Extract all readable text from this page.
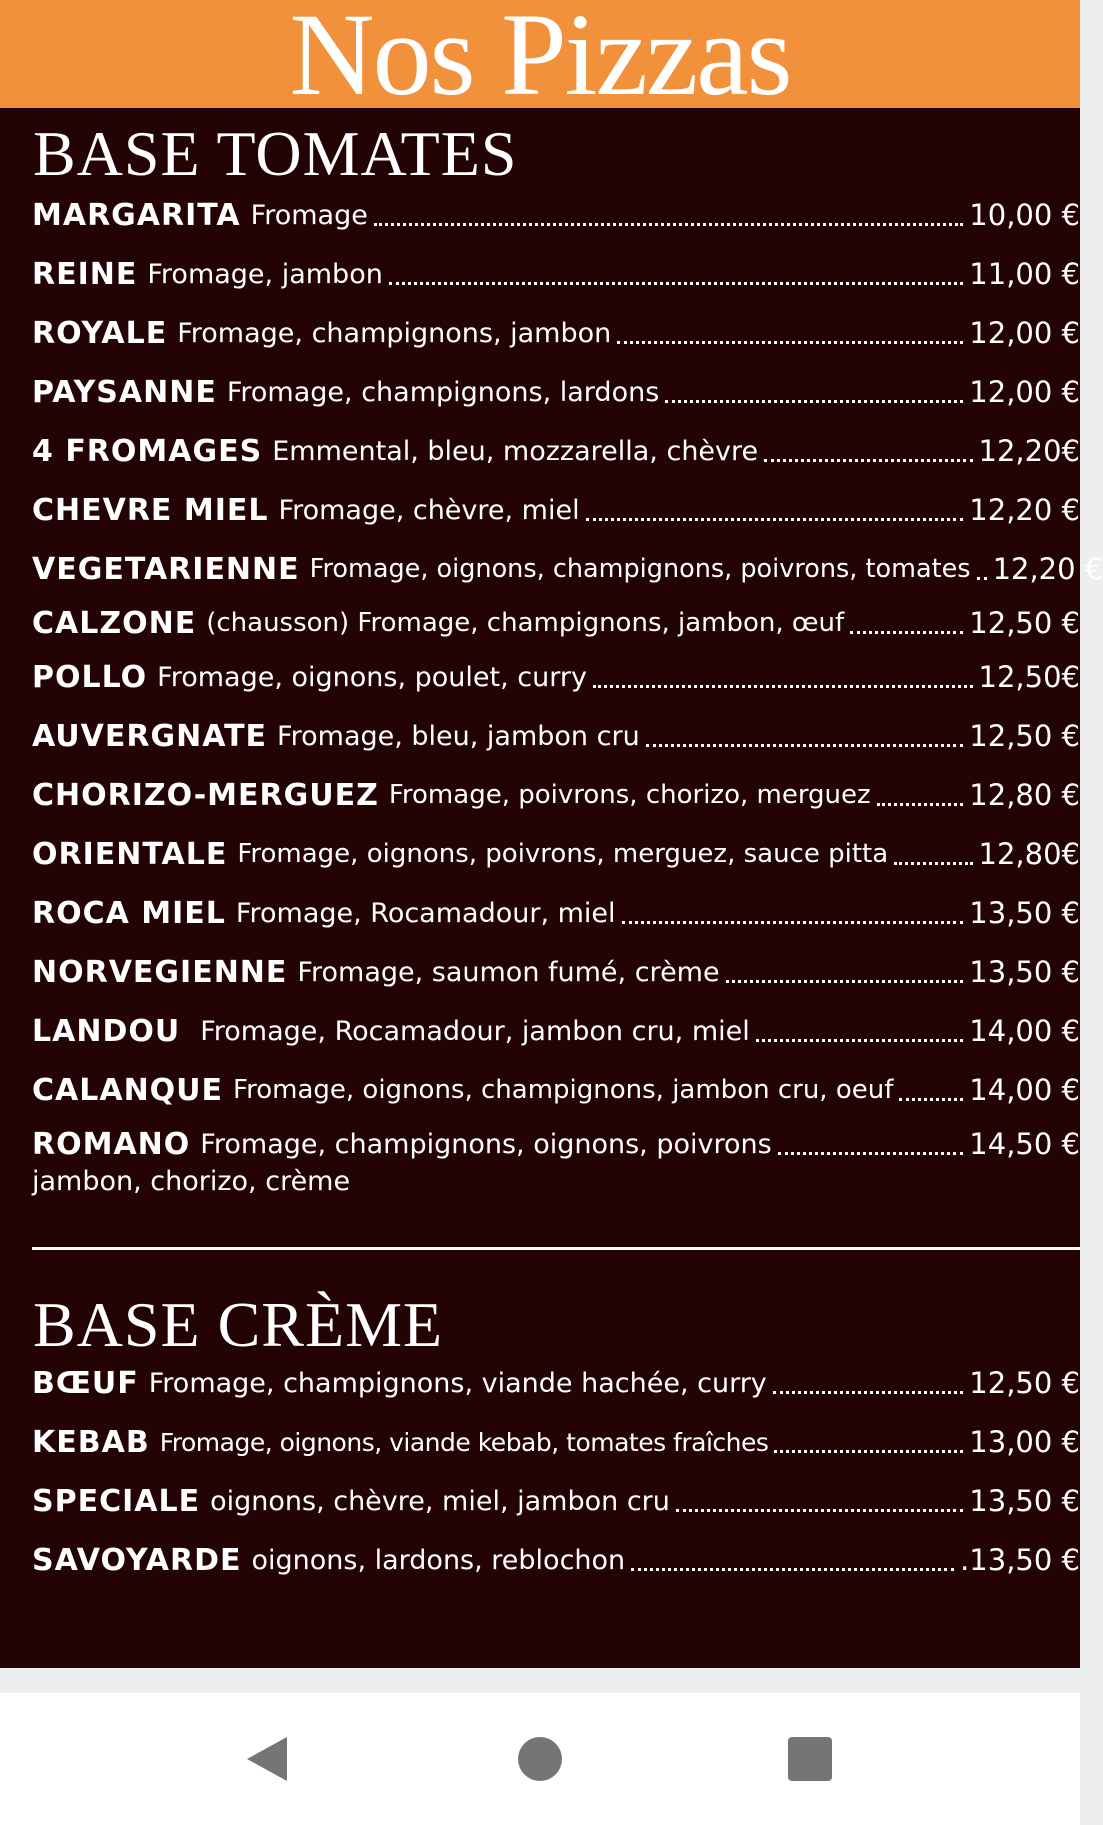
Nos Pizzas
BASE TOMATES
MARGARITA Fromage	10,00 €
REINE Fromage, jambon	11,00 €
ROYALE Fromage, champignons, jambon	12,00 €
PAYSANNE Fromage, champignons, lardons	12,00 €
4 FROMAGES Emmental, bleu, mozzarella, chèvre	12,20€
CHEVRE MIEL Fromage, chèvre, miel	12,20 €
VEGETARIENNE Fromage, oignons, champignons, poivrons, tomates 12,20 €
CALZONE (chausson) Fromage, champignons, jambon, œuf	12,50 €
POLLO Fromage, oignons, poulet, curry	12,50€
AUVERGNATE Fromage, bleu, jambon cru	12,50 €
CHORIZO-MERGUEZ Fromage, poivrons, chorizo, merguez	12,80 €
ORIENTALE Fromage, oignons, poivrons, merguez, sauce pitta	12,80€
ROCA MIEL Fromage, Rocamadour, miel	13,50 €
NORVEGIENNE Fromage, saumon fumé, crème	13,50 €
LANDOU Fromage, Rocamadour, jambon cru, miel	14,00 €
CALANQUE Fromage, oignons, champignons, jambon cru, oeuf	14,00 €
ROMANO Fromage, champignons, oignons, poivrons	14,50 €
jambon, chorizo, crème
BASE CRÈME
BŒUF Fromage, champignons, viande hachée, curry	12,50 €
KEBAB Fromage, oignons, viande kebab, tomates fraîches	13,00 €
SPECIALE oignons, chèvre, miel, jambon cru	13,50 €
SAVOYARDE oignons, lardons, reblochon	.13,50 €
